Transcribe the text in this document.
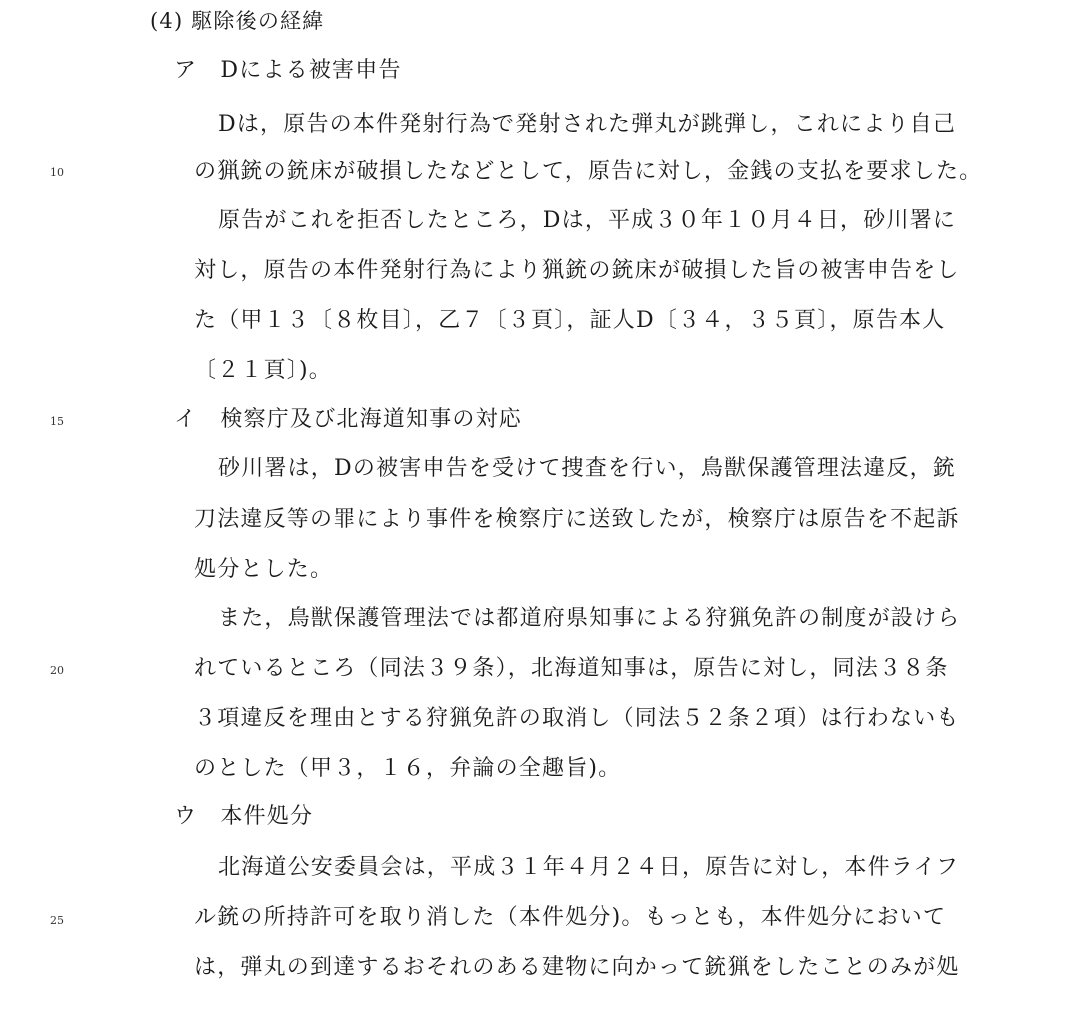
10
15
20
25
(4) 駆除後の経緯
ア　Dによる被害申告
Dは，原告の本件発射行為で発射された弾丸が跳弾し，これにより自己
の猟銃の銃床が破損したなどとして，原告に対し，金銭の支払を要求した。
原告がこれを拒否したところ，Dは，平成３０年１０月４日，砂川署に
対し，原告の本件発射行為により猟銃の銃床が破損した旨の被害申告をし
た（甲１３〔８枚目〕，乙７〔３頁〕，証人D〔３４，３５頁〕，原告本人
〔２１頁〕)。
イ　検察庁及び北海道知事の対応
砂川署は，Dの被害申告を受けて捜査を行い，鳥獣保護管理法違反，銃
刀法違反等の罪により事件を検察庁に送致したが，検察庁は原告を不起訴
処分とした。
また，鳥獣保護管理法では都道府県知事による狩猟免許の制度が設けら
れているところ（同法３９条），北海道知事は，原告に対し，同法３８条
３項違反を理由とする狩猟免許の取消し（同法５２条２項）は行わないも
のとした（甲３，１６，弁論の全趣旨)。
ウ　本件処分
北海道公安委員会は，平成３１年４月２４日，原告に対し，本件ライフ
ル銃の所持許可を取り消した（本件処分)。もっとも，本件処分において
は，弾丸の到達するおそれのある建物に向かって銃猟をしたことのみが処
